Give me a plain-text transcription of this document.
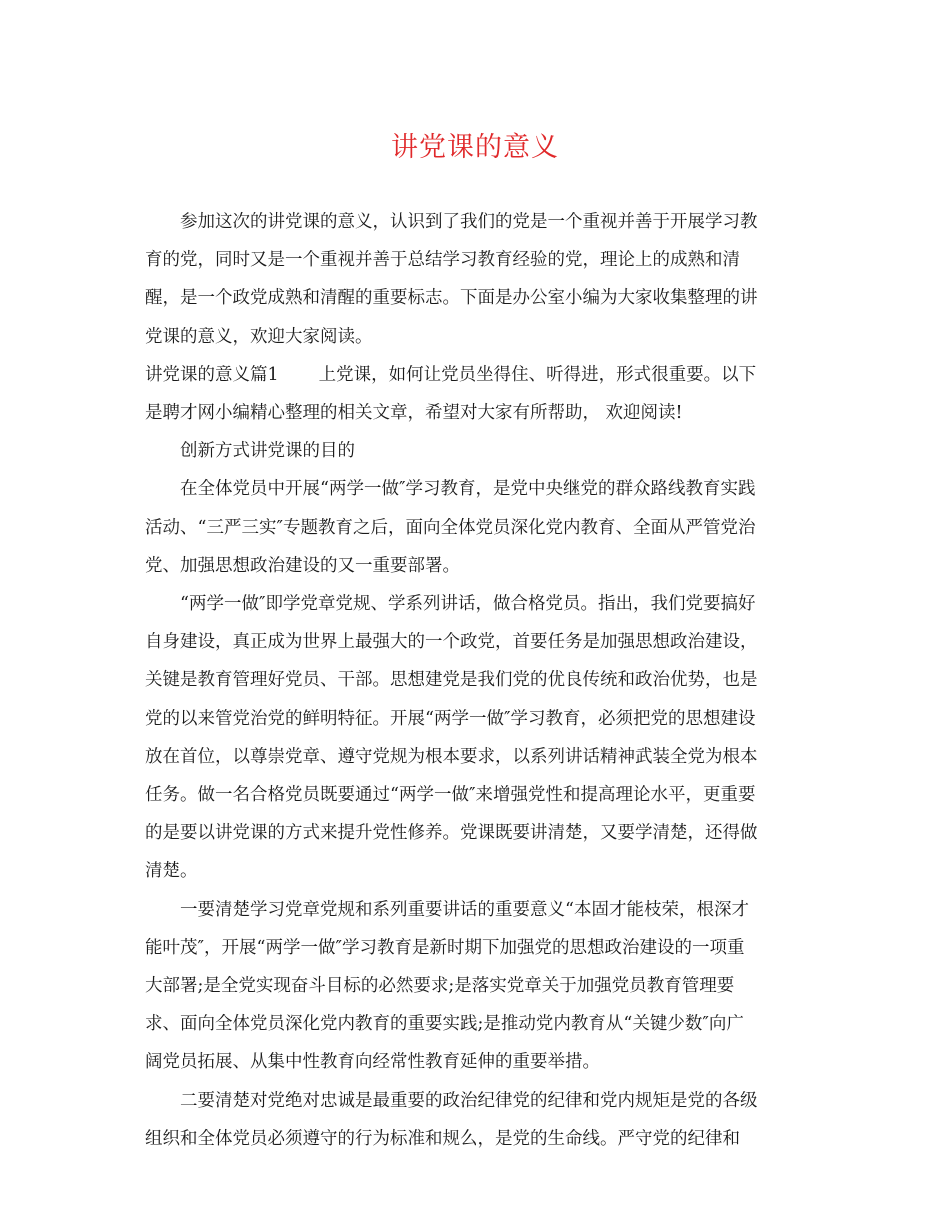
讲党课的意义

参加这次的讲党课的意义，认识到了我们的党是一个重视并善于开展学习教
育的党，同时又是一个重视并善于总结学习教育经验的党，理论上的成熟和清
醒，是一个政党成熟和清醒的重要标志。下面是办公室小编为大家收集整理的讲
党课的意义，欢迎大家阅读。

讲党课的意义篇1 上党课，如何让党员坐得住、听得进，形式很重要。以下
是聘才网小编精心整理的相关文章，希望对大家有所帮助， 欢迎阅读!

创新方式讲党课的目的

在全体党员中开展“两学一做″学习教育，是党中央继党的群众路线教育实践
活动、“三严三实″专题教育之后，面向全体党员深化党内教育、全面从严管党治
党、加强思想政治建设的又一重要部署。

“两学一做″即学党章党规、学系列讲话，做合格党员。指出，我们党要搞好
自身建设，真正成为世界上最强大的一个政党，首要任务是加强思想政治建设，
关键是教育管理好党员、干部。思想建党是我们党的优良传统和政治优势，也是
党的以来管党治党的鲜明特征。开展“两学一做″学习教育，必须把党的思想建设
放在首位，以尊崇党章、遵守党规为根本要求，以系列讲话精神武装全党为根本
任务。做一名合格党员既要通过“两学一做″来增强党性和提高理论水平，更重要
的是要以讲党课的方式来提升党性修养。党课既要讲清楚，又要学清楚，还得做
清楚。

一要清楚学习党章党规和系列重要讲话的重要意义“本固才能枝荣，根深才
能叶茂″，开展“两学一做″学习教育是新时期下加强党的思想政治建设的一项重
大部署;是全党实现奋斗目标的必然要求;是落实党章关于加强党员教育管理要
求、面向全体党员深化党内教育的重要实践;是推动党内教育从“关键少数″向广
阔党员拓展、从集中性教育向经常性教育延伸的重要举措。

二要清楚对党绝对忠诚是最重要的政治纪律党的纪律和党内规矩是党的各级
组织和全体党员必须遵守的行为标准和规么，是党的生命线。严守党的纪律和
